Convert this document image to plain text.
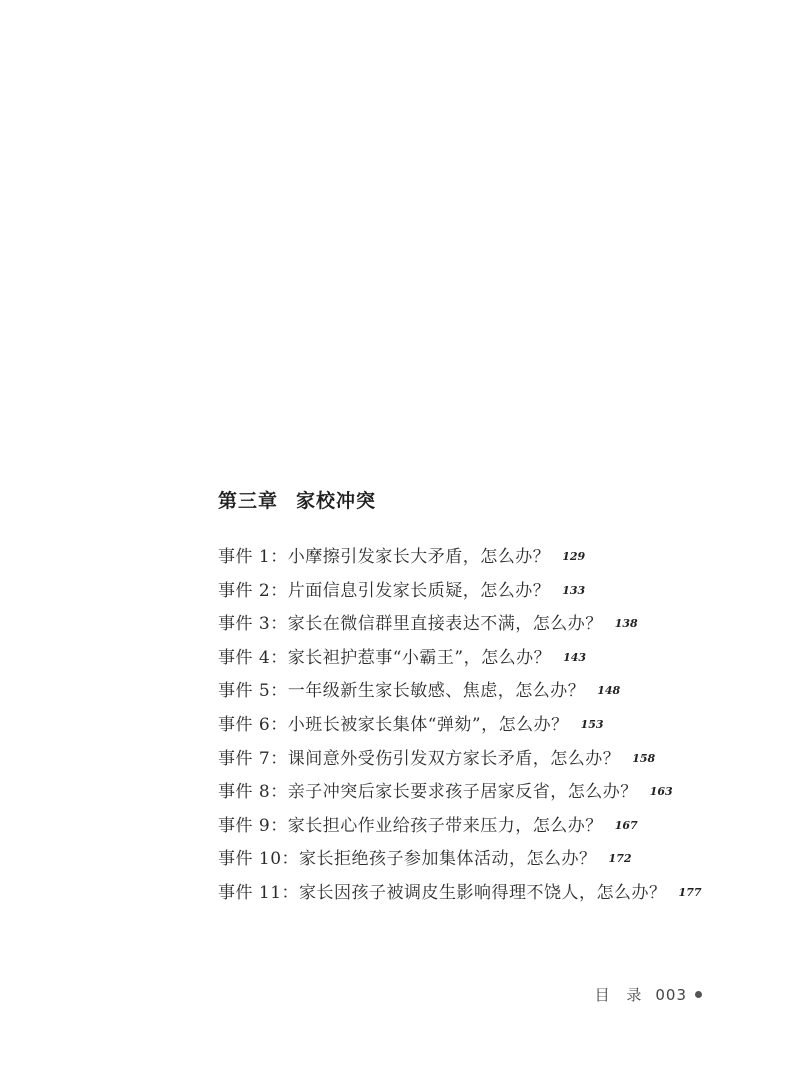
第三章 家校冲突
事件 1：小摩擦引发家长大矛盾，怎么办？ 129
事件 2：片面信息引发家长质疑，怎么办？ 133
事件 3：家长在微信群里直接表达不满，怎么办？ 138
事件 4：家长袒护惹事“小霸王”，怎么办？ 143
事件 5：一年级新生家长敏感、焦虑，怎么办？ 148
事件 6：小班长被家长集体“弹劾”，怎么办？ 153
事件 7：课间意外受伤引发双方家长矛盾，怎么办？ 158
事件 8：亲子冲突后家长要求孩子居家反省，怎么办？ 163
事件 9：家长担心作业给孩子带来压力，怎么办？ 167
事件 10：家长拒绝孩子参加集体活动，怎么办？ 172
事件 11：家长因孩子被调皮生影响得理不饶人，怎么办？ 177
目 录 003
